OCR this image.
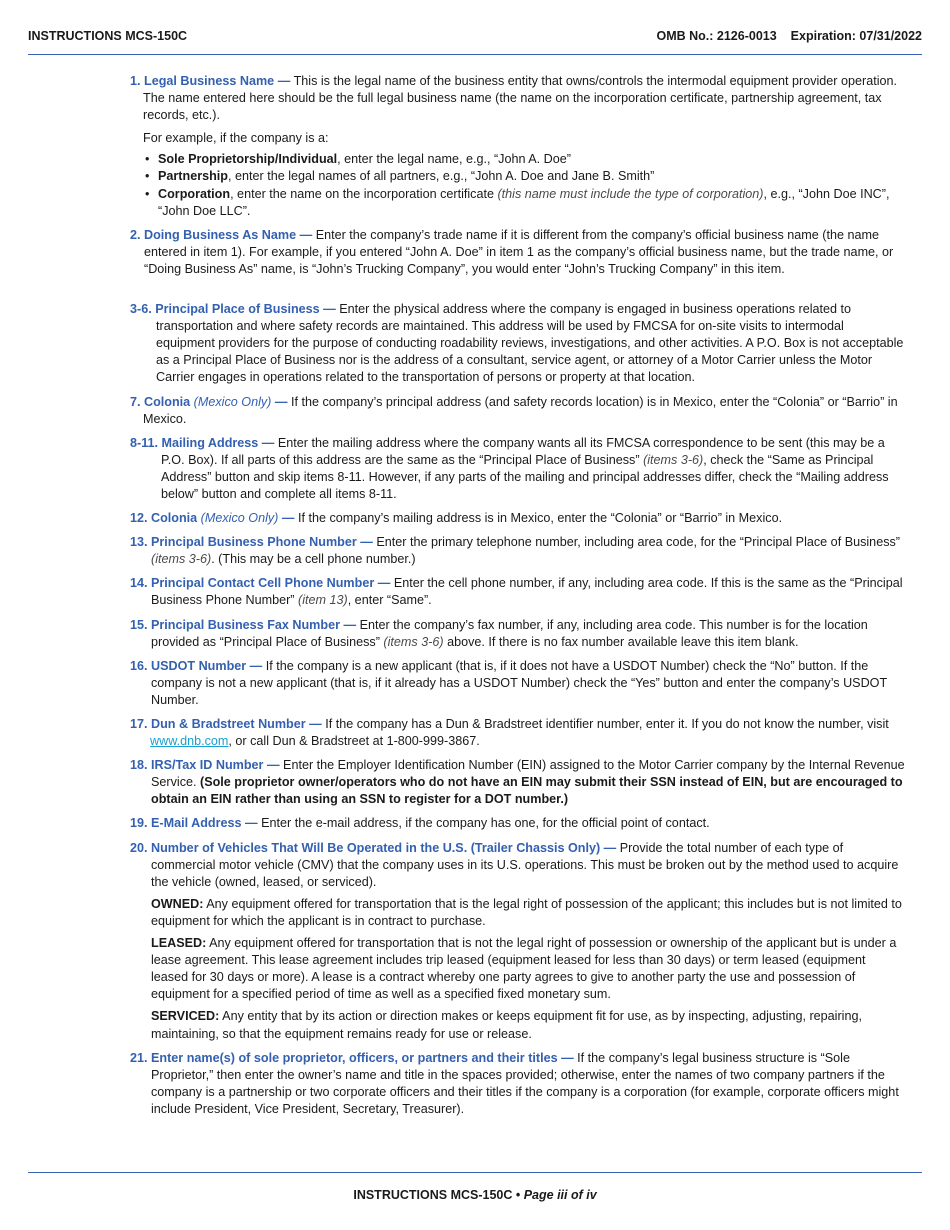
INSTRUCTIONS MCS-150C	OMB No.: 2126-0013 Expiration: 07/31/2022

1. Legal Business Name — This is the legal name of the business entity that owns/controls the intermodal equipment provider operation. The name entered here should be the full legal business name (the name on the incorporation certificate, partnership agreement, tax records, etc.).

For example, if the company is a:
• Sole Proprietorship/Individual, enter the legal name, e.g., “John A. Doe”
• Partnership, enter the legal names of all partners, e.g., “John A. Doe and Jane B. Smith”
• Corporation, enter the name on the incorporation certificate (this name must include the type of corporation), e.g., “John Doe INC”, “John Doe LLC”.

2. Doing Business As Name — Enter the company’s trade name if it is different from the company’s official business name (the name entered in item 1). For example, if you entered “John A. Doe” in item 1 as the company’s official business name, but the trade name, or “Doing Business As” name, is “John’s Trucking Company”, you would enter “John’s Trucking Company” in this item.

3-6. Principal Place of Business — Enter the physical address where the company is engaged in business operations related to transportation and where safety records are maintained. This address will be used by FMCSA for on-site visits to intermodal equipment providers for the purpose of conducting roadability reviews, investigations, and other activities. A P.O. Box is not acceptable as a Principal Place of Business nor is the address of a consultant, service agent, or attorney of a Motor Carrier unless the Motor Carrier engages in operations related to the transportation of persons or property at that location.

7. Colonia (Mexico Only) — If the company’s principal address (and safety records location) is in Mexico, enter the “Colonia” or “Barrio” in Mexico.

8-11. Mailing Address — Enter the mailing address where the company wants all its FMCSA correspondence to be sent (this may be a P.O. Box). If all parts of this address are the same as the “Principal Place of Business” (items 3-6), check the “Same as Principal Address” button and skip items 8-11. However, if any parts of the mailing and principal addresses differ, check the “Mailing address below” button and complete all items 8-11.

12. Colonia (Mexico Only) — If the company’s mailing address is in Mexico, enter the “Colonia” or “Barrio” in Mexico.

13. Principal Business Phone Number — Enter the primary telephone number, including area code, for the “Principal Place of Business” (items 3-6). (This may be a cell phone number.)

14. Principal Contact Cell Phone Number — Enter the cell phone number, if any, including area code. If this is the same as the “Principal Business Phone Number” (item 13), enter “Same”.

15. Principal Business Fax Number — Enter the company’s fax number, if any, including area code. This number is for the location provided as “Principal Place of Business” (items 3-6) above. If there is no fax number available leave this item blank.

16. USDOT Number — If the company is a new applicant (that is, if it does not have a USDOT Number) check the “No” button. If the company is not a new applicant (that is, if it already has a USDOT Number) check the “Yes” button and enter the company’s USDOT Number.

17. Dun & Bradstreet Number — If the company has a Dun & Bradstreet identifier number, enter it. If you do not know the number, visit www.dnb.com, or call Dun & Bradstreet at 1-800-999-3867.

18. IRS/Tax ID Number — Enter the Employer Identification Number (EIN) assigned to the Motor Carrier company by the Internal Revenue Service. (Sole proprietor owner/operators who do not have an EIN may submit their SSN instead of EIN, but are encouraged to obtain an EIN rather than using an SSN to register for a DOT number.)

19. E-Mail Address — Enter the e-mail address, if the company has one, for the official point of contact.

20. Number of Vehicles That Will Be Operated in the U.S. (Trailer Chassis Only) — Provide the total number of each type of commercial motor vehicle (CMV) that the company uses in its U.S. operations. This must be broken out by the method used to acquire the vehicle (owned, leased, or serviced).

OWNED: Any equipment offered for transportation that is the legal right of possession of the applicant; this includes but is not limited to equipment for which the applicant is in contract to purchase.
LEASED: Any equipment offered for transportation that is not the legal right of possession or ownership of the applicant but is under a lease agreement. This lease agreement includes trip leased (equipment leased for less than 30 days) or term leased (equipment leased for 30 days or more). A lease is a contract whereby one party agrees to give to another party the use and possession of equipment for a specified period of time as well as a specified fixed monetary sum.
SERVICED: Any entity that by its action or direction makes or keeps equipment fit for use, as by inspecting, adjusting, repairing, maintaining, so that the equipment remains ready for use or release.

21. Enter name(s) of sole proprietor, officers, or partners and their titles — If the company’s legal business structure is “Sole Proprietor,” then enter the owner’s name and title in the spaces provided; otherwise, enter the names of two company partners if the company is a partnership or two corporate officers and their titles if the company is a corporation (for example, corporate officers might include President, Vice President, Secretary, Treasurer).

INSTRUCTIONS MCS-150C • Page iii of iv
